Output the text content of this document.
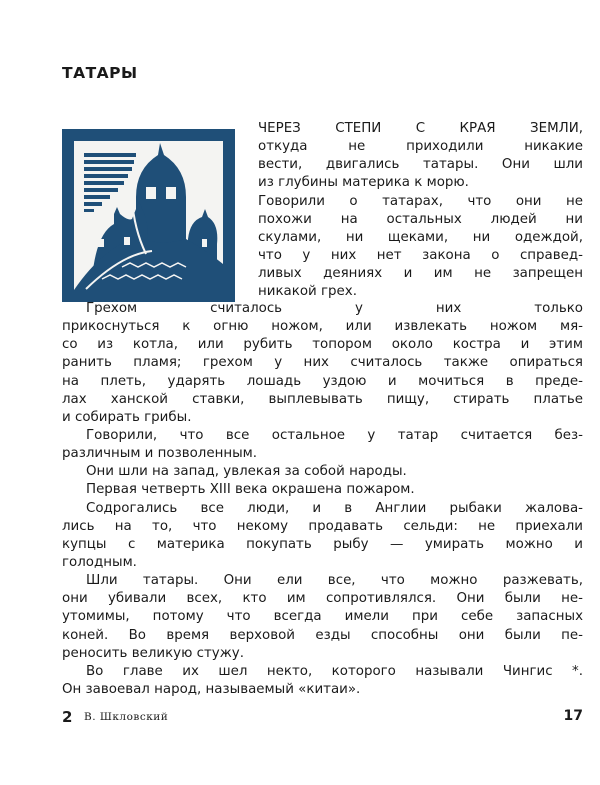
ТАТАРЫ
ЧЕРЕЗ СТЕПИ С КРАЯ ЗЕМЛИ,
откуда не приходили никакие
вести, двигались татары. Они шли
из глубины материка к морю.
Говорили о татарах, что они не
похожи на остальных людей ни
скулами, ни щеками, ни одеждой,
что у них нет закона о справед-
ливых деяниях и им не запрещен
никакой грех.
Грехом считалось у них только
прикоснуться к огню ножом, или извлекать ножом мя-
со из котла, или рубить топором около костра и этим
ранить пламя; грехом у них считалось также опираться
на плеть, ударять лошадь уздою и мочиться в преде-
лах ханской ставки, выплевывать пищу, стирать платье
и собирать грибы.
Говорили, что все остальное у татар считается без-
различным и позволенным.
Они шли на запад, увлекая за собой народы.
Первая четверть XIII века окрашена пожаром.
Содрогались все люди, и в Англии рыбаки жалова-
лись на то, что некому продавать сельди: не приехали
купцы с материка покупать рыбу — умирать можно и
голодным.
Шли татары. Они ели все, что можно разжевать,
они убивали всех, кто им сопротивлялся. Они были не-
утомимы, потому что всегда имели при себе запасных
коней. Во время верховой езды способны они были пе-
реносить великую стужу.
Во главе их шел некто, которого называли Чингис *.
Он завоевал народ, называемый «китаи».
2 В. Шкловский	17
